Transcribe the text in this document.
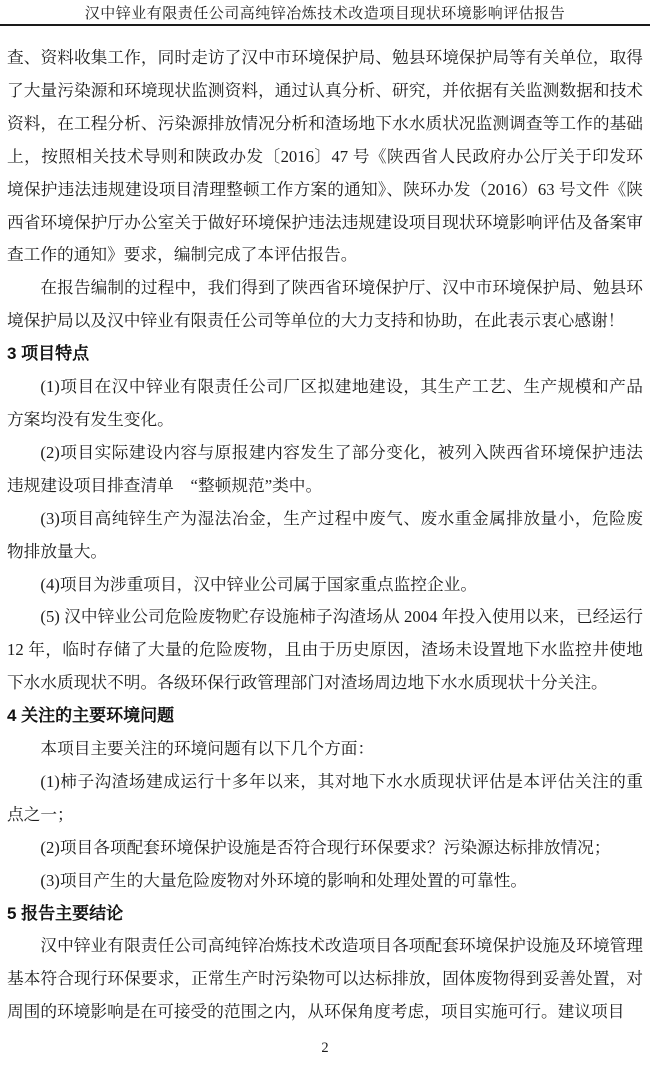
汉中锌业有限责任公司高纯锌冶炼技术改造项目现状环境影响评估报告

查、资料收集工作，同时走访了汉中市环境保护局、勉县环境保护局等有关单位，取得了大量污染源和环境现状监测资料，通过认真分析、研究，并依据有关监测数据和技术资料，在工程分析、污染源排放情况分析和渣场地下水水质状况监测调查等工作的基础上，按照相关技术导则和陕政办发〔2016〕47 号《陕西省人民政府办公厅关于印发环境保护违法违规建设项目清理整顿工作方案的通知》、陕环办发（2016）63 号文件《陕西省环境保护厅办公室关于做好环境保护违法违规建设项目现状环境影响评估及备案审查工作的通知》要求，编制完成了本评估报告。

在报告编制的过程中，我们得到了陕西省环境保护厅、汉中市环境保护局、勉县环境保护局以及汉中锌业有限责任公司等单位的大力支持和协助，在此表示衷心感谢！

3 项目特点

(1)项目在汉中锌业有限责任公司厂区拟建地建设，其生产工艺、生产规模和产品方案均没有发生变化。

(2)项目实际建设内容与原报建内容发生了部分变化，被列入陕西省环境保护违法违规建设项目排查清单　“整顿规范”类中。

(3)项目高纯锌生产为湿法冶金，生产过程中废气、废水重金属排放量小，危险废物排放量大。

(4)项目为涉重项目，汉中锌业公司属于国家重点监控企业。

(5) 汉中锌业公司危险废物贮存设施柿子沟渣场从 2004 年投入使用以来，已经运行 12 年，临时存储了大量的危险废物，且由于历史原因，渣场未设置地下水监控井使地下水水质现状不明。各级环保行政管理部门对渣场周边地下水水质现状十分关注。

4 关注的主要环境问题

本项目主要关注的环境问题有以下几个方面：

(1)柿子沟渣场建成运行十多年以来，其对地下水水质现状评估是本评估关注的重点之一；

(2)项目各项配套环境保护设施是否符合现行环保要求？污染源达标排放情况；

(3)项目产生的大量危险废物对外环境的影响和处理处置的可靠性。

5 报告主要结论

汉中锌业有限责任公司高纯锌冶炼技术改造项目各项配套环境保护设施及环境管理基本符合现行环保要求，正常生产时污染物可以达标排放，固体废物得到妥善处置，对周围的环境影响是在可接受的范围之内，从环保角度考虑，项目实施可行。建议项目

2
